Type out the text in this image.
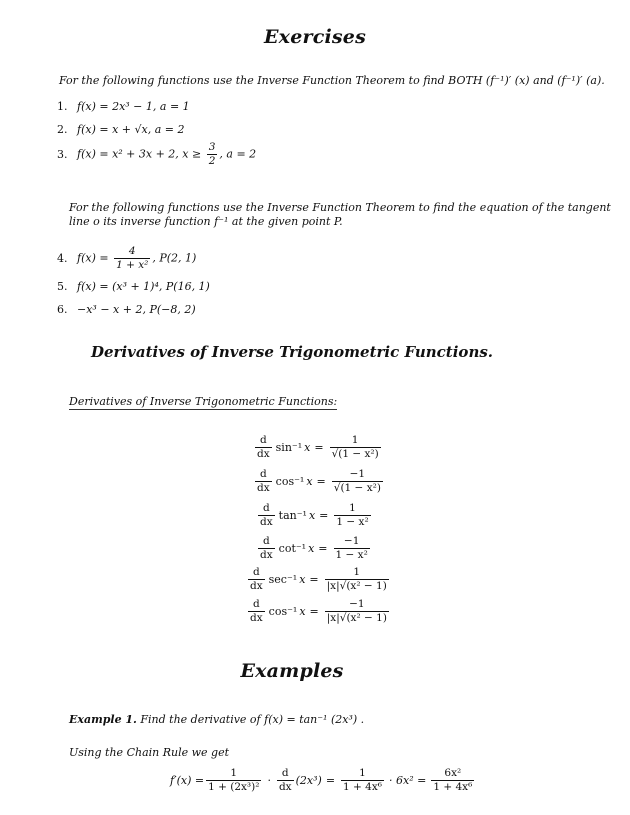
Exercises
For the following functions use the Inverse Function Theorem to find BOTH (f⁻¹)′ (x) and (f⁻¹)′ (a).
1. f(x) = 2x³ − 1, a = 1
2. f(x) = x + √x, a = 2
3. f(x) = x² + 3x + 2, $x \ge \frac{3}{2}$ , a = 2
For the following functions use the Inverse Function Theorem to find the equation of the tangent
line o its inverse function f⁻¹ at the given point P.
4. $f(x) = \frac{4}{\text{1 + x²}}$ , P(2, 1)
5. f(x) = (x³ + 1)⁴, P(16, 1)
6. −x³ − x + 2, P(−8, 2)
Derivatives of Inverse Trigonometric Functions.
Derivatives of Inverse Trigonometric Functions:
$\frac{d}{dx} \sin^{-1}$ $x = \frac{1}{\text{√(1 − x²)}}$
$\frac{d}{dx} \cos^{-1}$ $x = \frac{-1}{\text{√(1 − x²)}}$
$\frac{d}{dx} \tan^{-1}$ $x = \frac{1}{\text{1 − x²}}$
$\frac{d}{dx} \cot^{-1}$ $x = \frac{-1}{\text{1 − x²}}$
$\frac{d}{dx} \sec^{-1}$ $x = \frac{1}{\text{|x|√(x² − 1)}}$
$\frac{d}{dx} \cos^{-1}$ $x = \frac{-1}{\text{|x|√(x² − 1)}}$
Examples
Example 1. Find the derivative of f(x) = tan⁻¹ (2x³) .
Using the Chain Rule we get
$f'(x) = \frac{1}{\text{1 + (2x³)²}} \cdot \frac{d}{dx} (2x^3) = \frac{1}{\text{1 + 4x⁶}} \cdot 6x^2 = \frac{\text{6x²}}{\text{1 + 4x⁶}}$
